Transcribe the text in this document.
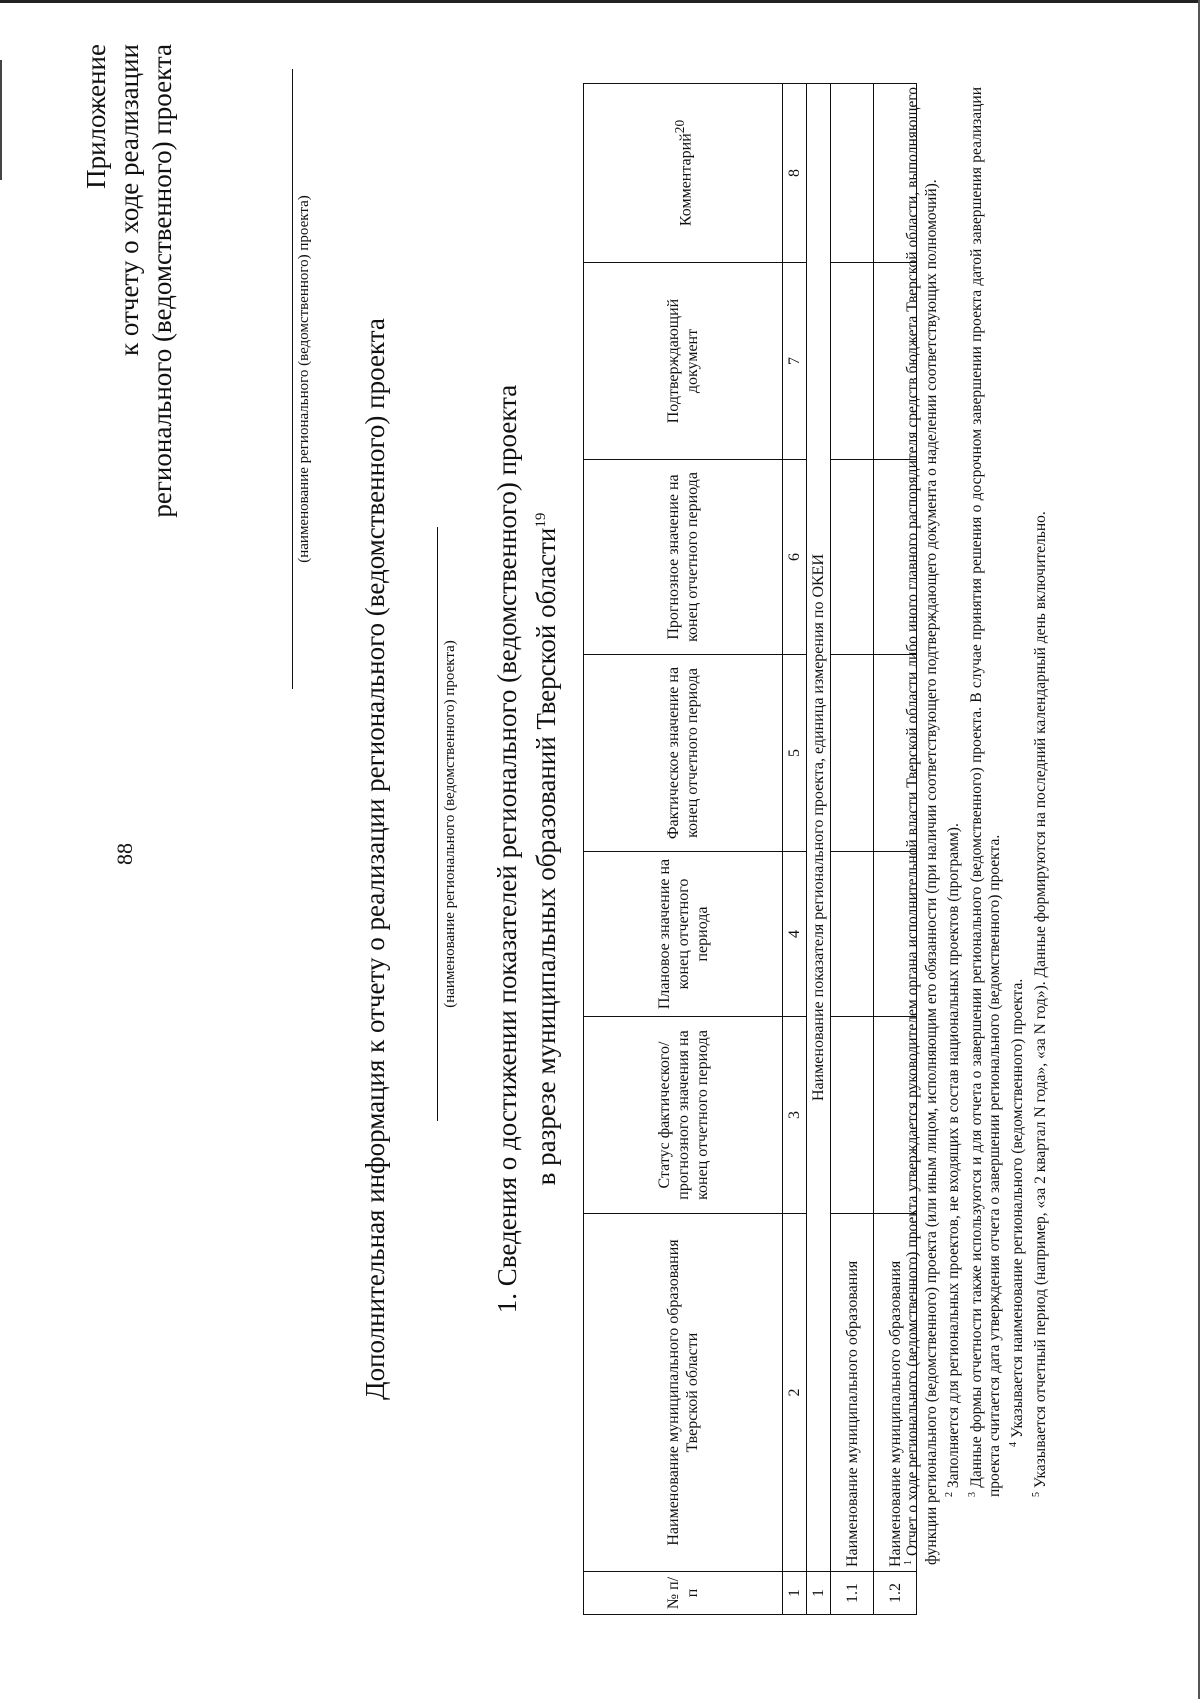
88
Приложение к отчету о ходе реализации регионального (ведомственного) проекта	(наименование регионального (ведомственного) проекта) Дополнительная информация к отчету о реализации регионального (ведомственного) проекта	(наименование регионального (ведомственного) проекта)
1. Сведения о достижении показателей регионального (ведомственного) проекта в разрезе муниципальных образований Тверской области$^{19}$
№ п/п	Наименование муниципального образования Тверской области	Статус фактического/ прогнозного значения на конец отчетного периода	Плановое значение на конец отчетного периода	Фактическое значение на конец отчетного периода	Прогнозное значение на конец отчетного периода	Подтверждающий документ	Комментарий$^{20}$
1	2	3	4	5	6	7	8
1	Наименование показателя регионального проекта, единица измерения по ОКЕИ						
1.1	Наименование муниципального образования						
1.2	Наименование муниципального образования						$^1$ Отчет о ходе регионального (ведомственного) проекта утверждается руководителем органа исполнительной власти Тверской области либо иного главного распорядителя средств бюджета Тверской области, выполняющего функции регионального (ведомственного) проекта (или иным лицом, исполняющим его обязанности (при наличии соответствующего подтверждающего документа о наделении соответствующих полномочий). $^2$ Заполняется для региональных проектов, не входящих в состав национальных проектов (программ).

$^3$ Данные формы отчетности также используются и для отчета о завершении регионального (ведомственного) проекта. В случае принятия решения о досрочном завершении проекта датой завершения реализации проекта считается дата утверждения отчета о завершении регионального (ведомственного) проекта. $^4$ Указывается наименование регионального (ведомственного) проекта.

$^5$ Указывается отчетный период (например, «за 2 квартал N года», «за N год»). Данные формируются на последний календарный день включительно.
